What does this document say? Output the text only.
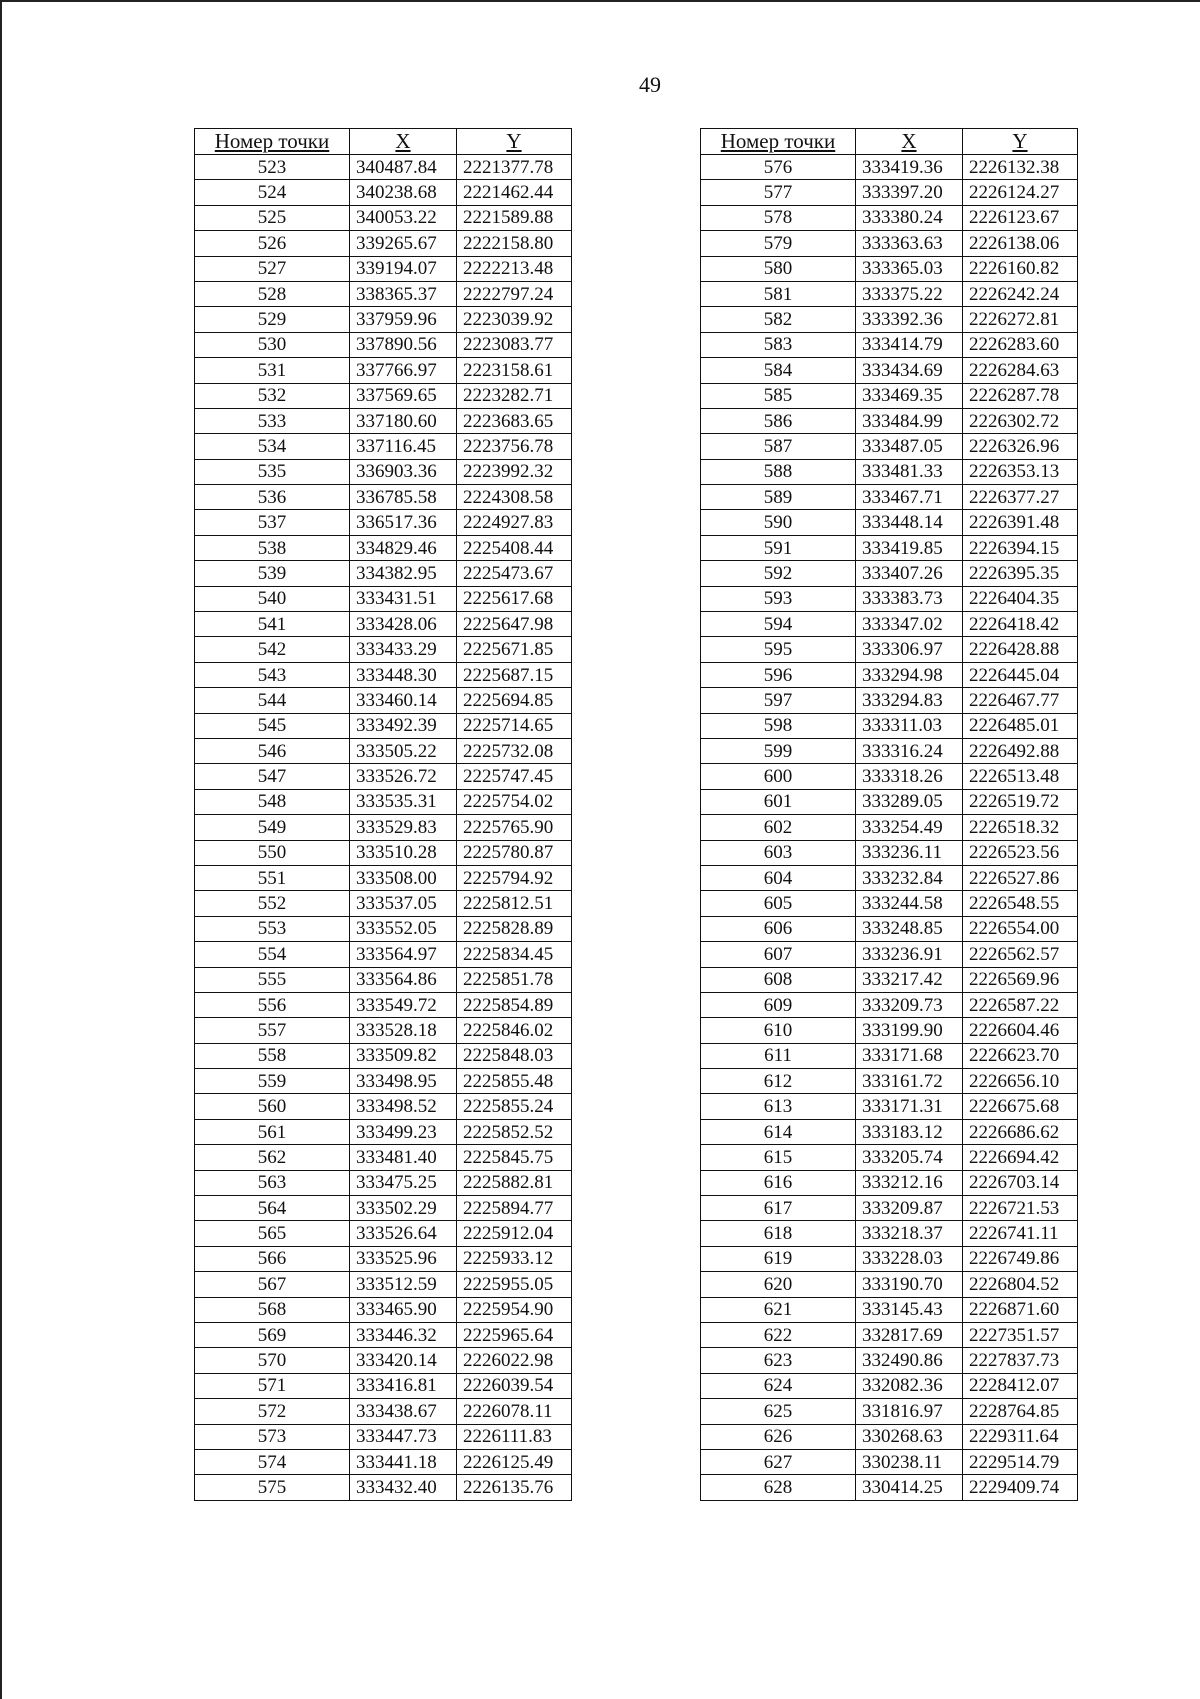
49
Номер точки	X	Y
523	340487.84	2221377.78
524	340238.68	2221462.44
525	340053.22	2221589.88
526	339265.67	2222158.80
527	339194.07	2222213.48
528	338365.37	2222797.24
529	337959.96	2223039.92
530	337890.56	2223083.77
531	337766.97	2223158.61
532	337569.65	2223282.71
533	337180.60	2223683.65
534	337116.45	2223756.78
535	336903.36	2223992.32
536	336785.58	2224308.58
537	336517.36	2224927.83
538	334829.46	2225408.44
539	334382.95	2225473.67
540	333431.51	2225617.68
541	333428.06	2225647.98
542	333433.29	2225671.85
543	333448.30	2225687.15
544	333460.14	2225694.85
545	333492.39	2225714.65
546	333505.22	2225732.08
547	333526.72	2225747.45
548	333535.31	2225754.02
549	333529.83	2225765.90
550	333510.28	2225780.87
551	333508.00	2225794.92
552	333537.05	2225812.51
553	333552.05	2225828.89
554	333564.97	2225834.45
555	333564.86	2225851.78
556	333549.72	2225854.89
557	333528.18	2225846.02
558	333509.82	2225848.03
559	333498.95	2225855.48
560	333498.52	2225855.24
561	333499.23	2225852.52
562	333481.40	2225845.75
563	333475.25	2225882.81
564	333502.29	2225894.77
565	333526.64	2225912.04
566	333525.96	2225933.12
567	333512.59	2225955.05
568	333465.90	2225954.90
569	333446.32	2225965.64
570	333420.14	2226022.98
571	333416.81	2226039.54
572	333438.67	2226078.11
573	333447.73	2226111.83
574	333441.18	2226125.49
575	333432.40	2226135.76
Номер точки	X	Y
576	333419.36	2226132.38
577	333397.20	2226124.27
578	333380.24	2226123.67
579	333363.63	2226138.06
580	333365.03	2226160.82
581	333375.22	2226242.24
582	333392.36	2226272.81
583	333414.79	2226283.60
584	333434.69	2226284.63
585	333469.35	2226287.78
586	333484.99	2226302.72
587	333487.05	2226326.96
588	333481.33	2226353.13
589	333467.71	2226377.27
590	333448.14	2226391.48
591	333419.85	2226394.15
592	333407.26	2226395.35
593	333383.73	2226404.35
594	333347.02	2226418.42
595	333306.97	2226428.88
596	333294.98	2226445.04
597	333294.83	2226467.77
598	333311.03	2226485.01
599	333316.24	2226492.88
600	333318.26	2226513.48
601	333289.05	2226519.72
602	333254.49	2226518.32
603	333236.11	2226523.56
604	333232.84	2226527.86
605	333244.58	2226548.55
606	333248.85	2226554.00
607	333236.91	2226562.57
608	333217.42	2226569.96
609	333209.73	2226587.22
610	333199.90	2226604.46
611	333171.68	2226623.70
612	333161.72	2226656.10
613	333171.31	2226675.68
614	333183.12	2226686.62
615	333205.74	2226694.42
616	333212.16	2226703.14
617	333209.87	2226721.53
618	333218.37	2226741.11
619	333228.03	2226749.86
620	333190.70	2226804.52
621	333145.43	2226871.60
622	332817.69	2227351.57
623	332490.86	2227837.73
624	332082.36	2228412.07
625	331816.97	2228764.85
626	330268.63	2229311.64
627	330238.11	2229514.79
628	330414.25	2229409.74
